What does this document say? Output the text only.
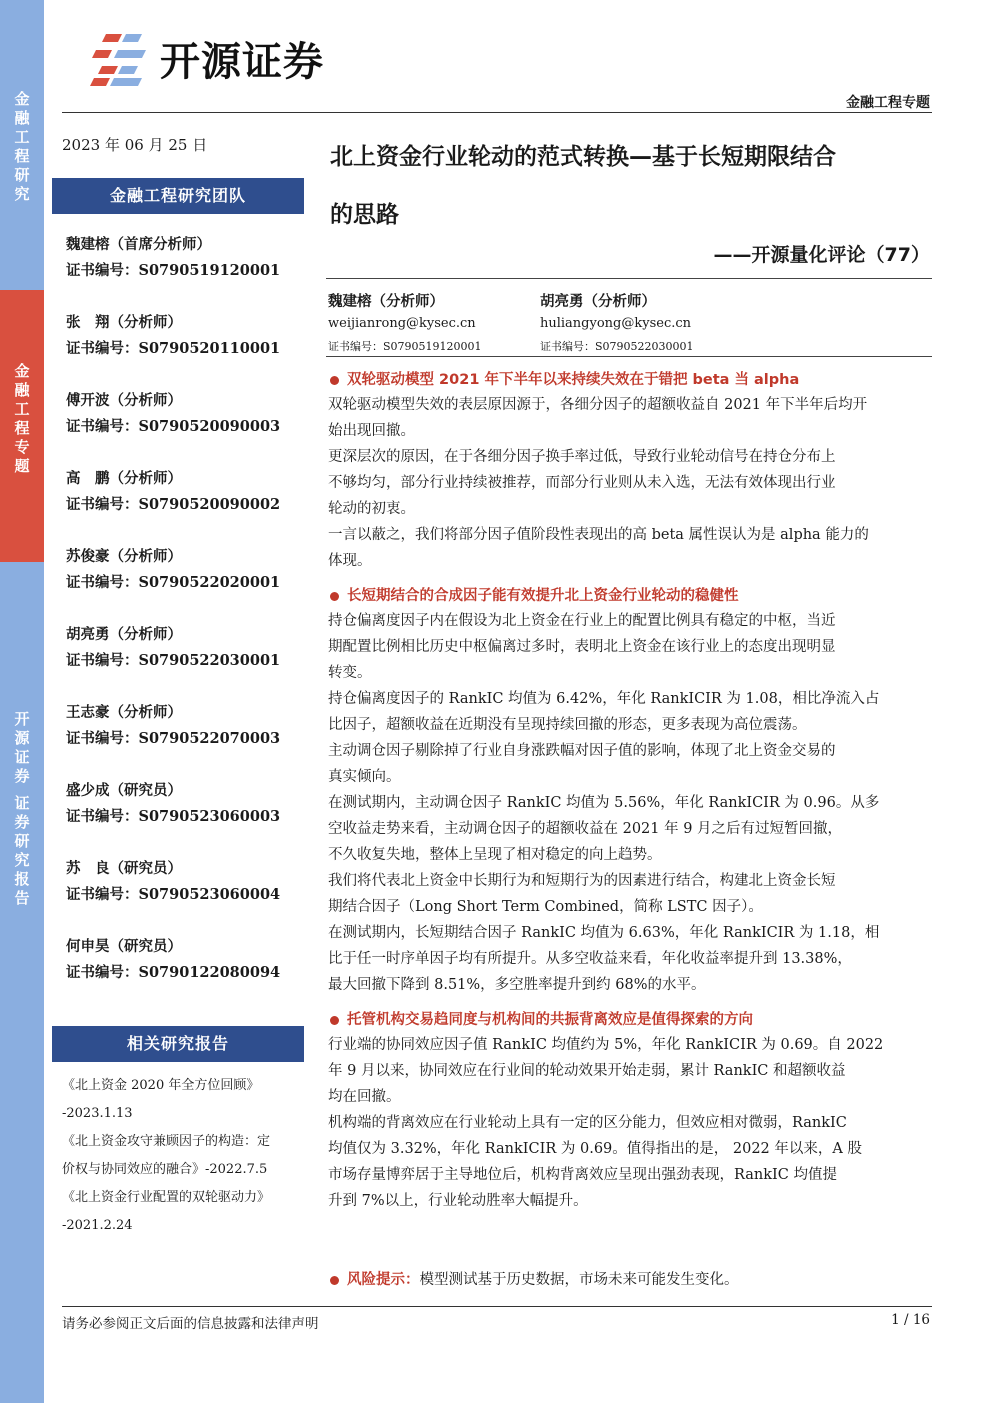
金
融
工
程
研
究
金
融
工
程
专
题
开
源
证
券

证
券
研
究
报
告
开源证券
金融工程专题
2023 年 06 月 25 日
金融工程研究团队
魏建榕（首席分析师）
证书编号：S0790519120001
张　翔（分析师）
证书编号：S0790520110001
傅开波（分析师）
证书编号：S0790520090003
高　鹏（分析师）
证书编号：S0790520090002
苏俊豪（分析师）
证书编号：S0790522020001
胡亮勇（分析师）
证书编号：S0790522030001
王志豪（分析师）
证书编号：S0790522070003
盛少成（研究员）
证书编号：S0790523060003
苏　良（研究员）
证书编号：S0790523060004
何申昊（研究员）
证书编号：S0790122080094
相关研究报告
《北上资金 2020 年全方位回顾》
-2023.1.13
《北上资金攻守兼顾因子的构造：定
价权与协同效应的融合》-2022.7.5
《北上资金行业配置的双轮驱动力》
-2021.2.24
北上资金行业轮动的范式转换—基于长短期限结合
的思路
——开源量化评论（77）
魏建榕（分析师）
weijianrong@kysec.cn
证书编号：S0790519120001
胡亮勇（分析师）
huliangyong@kysec.cn
证书编号：S0790522030001
双轮驱动模型 2021 年下半年以来持续失效在于错把 beta 当 alpha
双轮驱动模型失效的表层原因源于，各细分因子的超额收益自 2021 年下半年后均开
始出现回撤。
更深层次的原因，在于各细分因子换手率过低，导致行业轮动信号在持仓分布上
不够均匀，部分行业持续被推荐，而部分行业则从未入选，无法有效体现出行业
轮动的初衷。
一言以蔽之，我们将部分因子值阶段性表现出的高 beta 属性误认为是 alpha 能力的
体现。
长短期结合的合成因子能有效提升北上资金行业轮动的稳健性
持仓偏离度因子内在假设为北上资金在行业上的配置比例具有稳定的中枢，当近
期配置比例相比历史中枢偏离过多时，表明北上资金在该行业上的态度出现明显
转变。
持仓偏离度因子的 RankIC 均值为 6.42%，年化 RankICIR 为 1.08，相比净流入占
比因子，超额收益在近期没有呈现持续回撤的形态，更多表现为高位震荡。
主动调仓因子剔除掉了行业自身涨跌幅对因子值的影响，体现了北上资金交易的
真实倾向。
在测试期内，主动调仓因子 RankIC 均值为 5.56%，年化 RankICIR 为 0.96。从多
空收益走势来看，主动调仓因子的超额收益在 2021 年 9 月之后有过短暂回撤，
不久收复失地，整体上呈现了相对稳定的向上趋势。
我们将代表北上资金中长期行为和短期行为的因素进行结合，构建北上资金长短
期结合因子（Long Short Term Combined，简称 LSTC 因子）。
在测试期内，长短期结合因子 RankIC 均值为 6.63%，年化 RankICIR 为 1.18，相
比于任一时序单因子均有所提升。从多空收益来看，年化收益率提升到 13.38%，
最大回撤下降到 8.51%，多空胜率提升到约 68%的水平。
托管机构交易趋同度与机构间的共振背离效应是值得探索的方向
行业端的协同效应因子值 RankIC 均值约为 5%，年化 RankICIR 为 0.69。自 2022
年 9 月以来，协同效应在行业间的轮动效果开始走弱，累计 RankIC 和超额收益
均在回撤。
机构端的背离效应在行业轮动上具有一定的区分能力，但效应相对微弱，RankIC
均值仅为 3.32%，年化 RankICIR 为 0.69。值得指出的是， 2022 年以来，A 股
市场存量博弈居于主导地位后，机构背离效应呈现出强劲表现，RankIC 均值提
升到 7%以上，行业轮动胜率大幅提升。
风险提示：模型测试基于历史数据，市场未来可能发生变化。
请务必参阅正文后面的信息披露和法律声明	1 / 16
